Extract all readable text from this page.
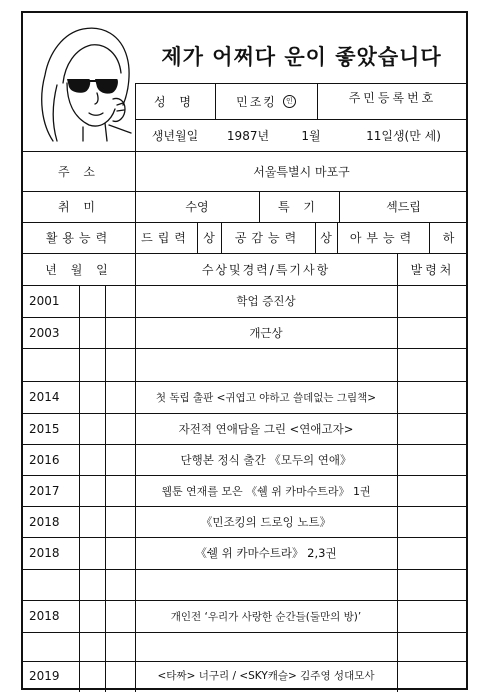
제가 어쩌다 운이 좋았습니다
성 명	민조킹	인	주민등록번호
생년월일	1987년	1월	11일생(만 세)
주 소	서울특별시 마포구
취 미	수영	특 기	섹드립
활용능력	드립력	상	공감능력	상	아부능력	하
년 월 일	수상및경력/특기사항	발령처
2001	학업 증진상
2003	개근상
2014	첫 독립 출판 <귀엽고 야하고 쓸데없는 그림책>
2015	자전적 연애담을 그린 <연애고자>
2016	단행본 정식 출간 《모두의 연애》
2017	웹툰 연재를 모은 《쉘 위 카마수트라》 1권
2018	《민조킹의 드로잉 노트》
2018	《쉘 위 카마수트라》 2,3권
2018	개인전 ‘우리가 사랑한 순간들(둘만의 방)’
2019	<타짜> 너구리 / <SKY캐슬> 김주영 성대모사
